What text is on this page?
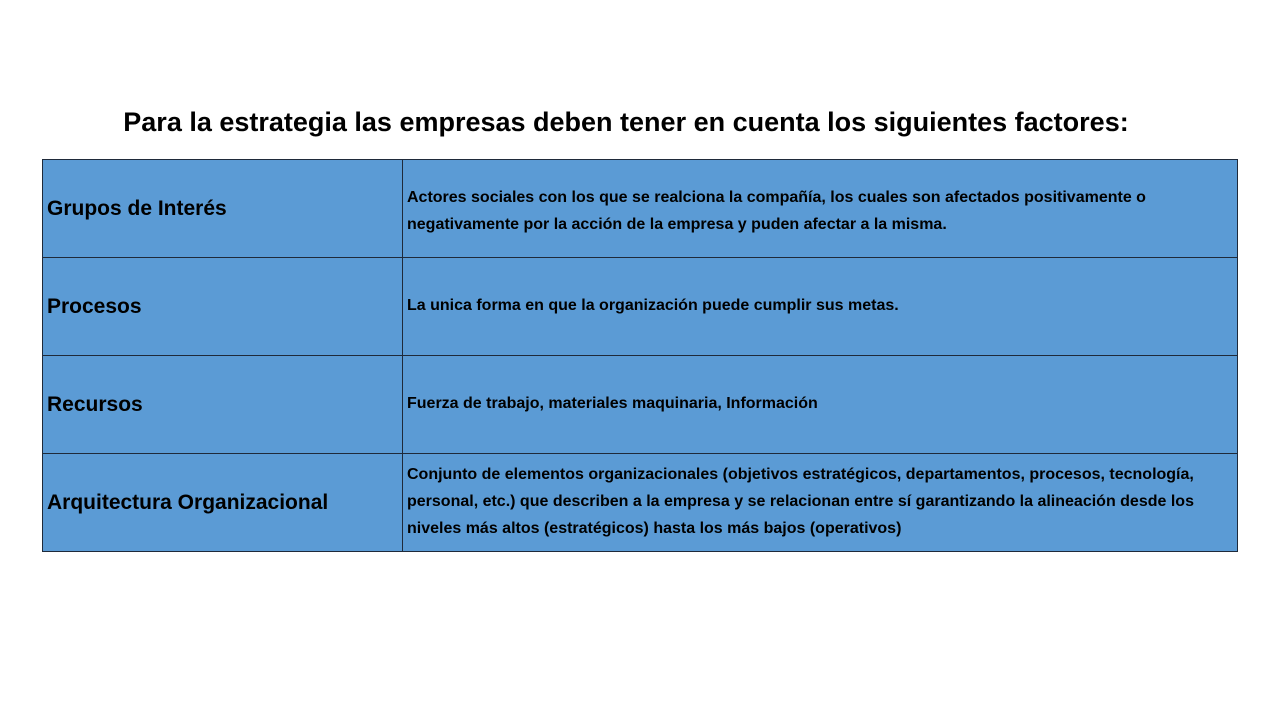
Para la estrategia las empresas deben tener en cuenta los siguientes factores:
Grupos de Interés	Actores sociales con los que se realciona la compañía, los cuales son afectados positivamente o negativamente por la acción de la empresa y puden afectar a la misma.
Procesos	La unica forma en que la organización puede cumplir sus metas.
Recursos	Fuerza de trabajo, materiales maquinaria, Información
Arquitectura Organizacional	Conjunto de elementos organizacionales (objetivos estratégicos, departamentos, procesos, tecnología, personal, etc.) que describen a la empresa y se relacionan entre sí garantizando la alineación desde los niveles más altos (estratégicos) hasta los más bajos (operativos)
